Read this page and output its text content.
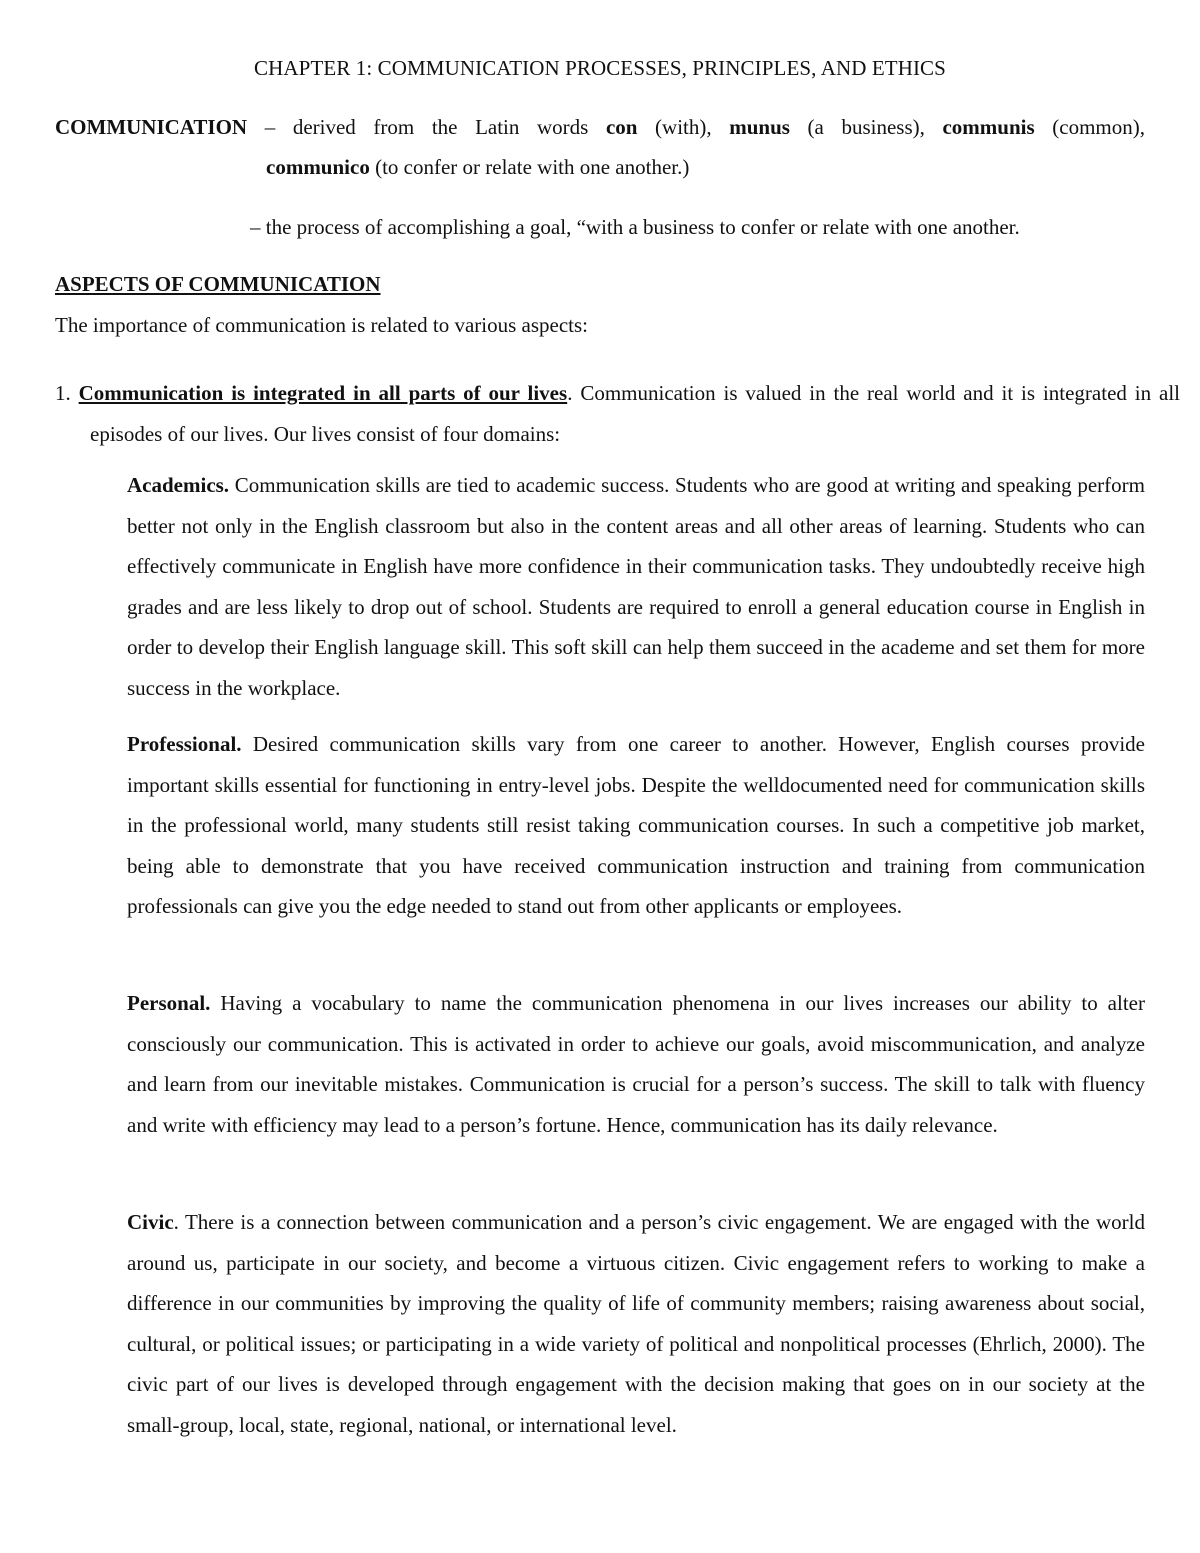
CHAPTER 1: COMMUNICATION PROCESSES, PRINCIPLES, AND ETHICS
COMMUNICATION – derived from the Latin words con (with), munus (a business), communis (common),
communico (to confer or relate with one another.)
– the process of accomplishing a goal, “with a business to confer or relate with one another.
ASPECTS OF COMMUNICATION
The importance of communication is related to various aspects:

1. Communication is integrated in all parts of our lives. Communication is valued in the real world and it is integrated in all episodes of our lives. Our lives consist of four domains:

Academics. Communication skills are tied to academic success. Students who are good at writing and speaking perform better not only in the English classroom but also in the content areas and all other areas of learning. Students who can effectively communicate in English have more confidence in their communication tasks. They undoubtedly receive high grades and are less likely to drop out of school. Students are required to enroll a general education course in English in order to develop their English language skill. This soft skill can help them succeed in the academe and set them for more success in the workplace.

Professional. Desired communication skills vary from one career to another. However, English courses provide important skills essential for functioning in entry-level jobs. Despite the welldocumented need for communication skills in the professional world, many students still resist taking communication courses. In such a competitive job market, being able to demonstrate that you have received communication instruction and training from communication professionals can give you the edge needed to stand out from other applicants or employees.

Personal. Having a vocabulary to name the communication phenomena in our lives increases our ability to alter consciously our communication. This is activated in order to achieve our goals, avoid miscommunication, and analyze and learn from our inevitable mistakes. Communication is crucial for a person’s success. The skill to talk with fluency and write with efficiency may lead to a person’s fortune. Hence, communication has its daily relevance.

Civic. There is a connection between communication and a person’s civic engagement. We are engaged with the world around us, participate in our society, and become a virtuous citizen. Civic engagement refers to working to make a difference in our communities by improving the quality of life of community members; raising awareness about social, cultural, or political issues; or participating in a wide variety of political and nonpolitical processes (Ehrlich, 2000). The civic part of our lives is developed through engagement with the decision making that goes on in our society at the small-group, local, state, regional, national, or international level.
